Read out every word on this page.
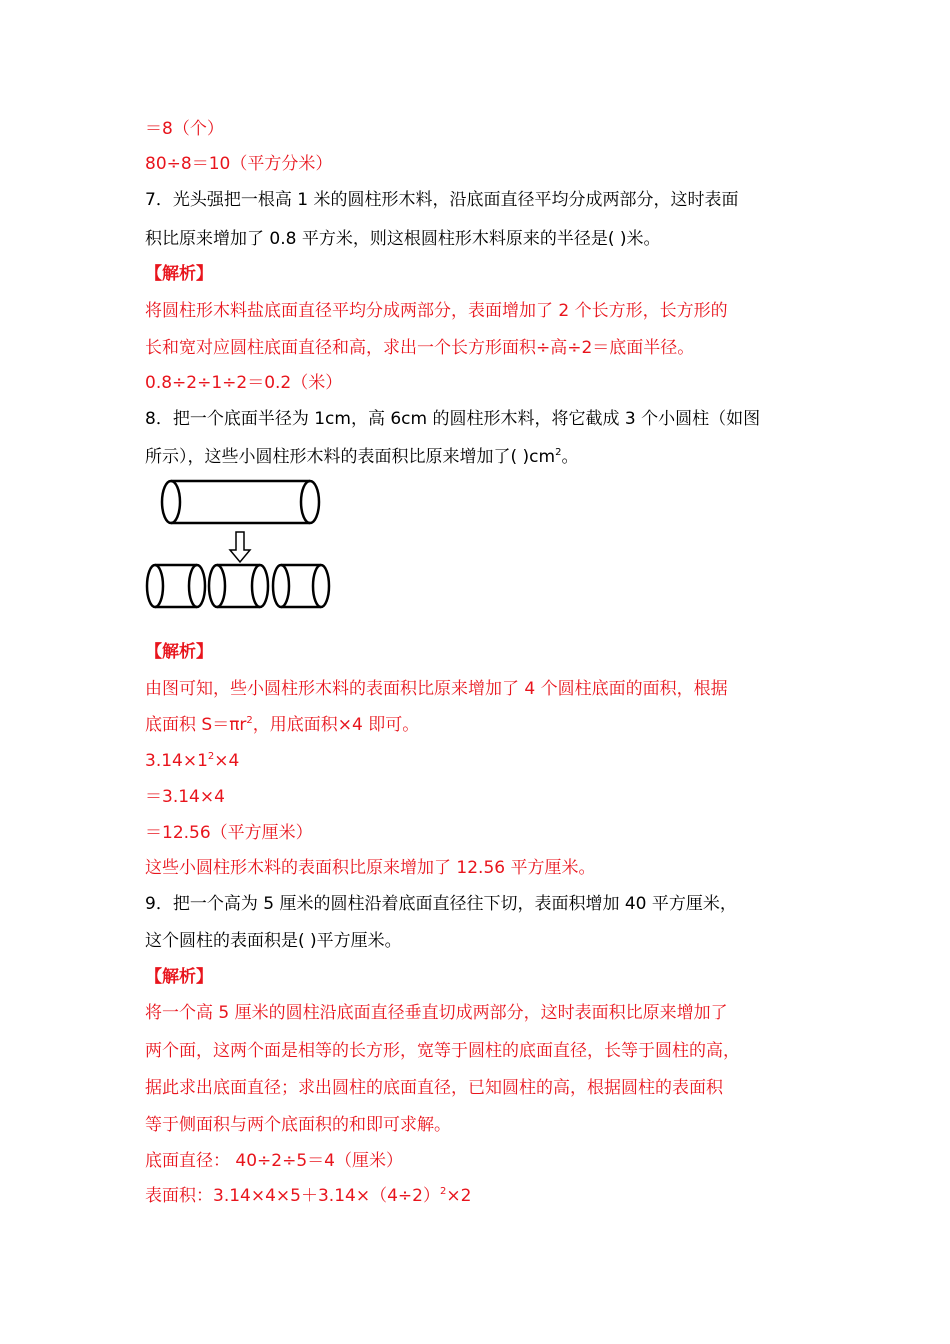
＝8（个）
80÷8＝10（平方分米）
7．光头强把一根高 1 米的圆柱形木料，沿底面直径平均分成两部分，这时表面
积比原来增加了 0.8 平方米，则这根圆柱形木料原来的半径是( )米。
【解析】
将圆柱形木料盐底面直径平均分成两部分，表面增加了 2 个长方形，长方形的
长和宽对应圆柱底面直径和高，求出一个长方形面积÷高÷2＝底面半径。
0.8÷2÷1÷2＝0.2（米）
8．把一个底面半径为 1cm，高 6cm 的圆柱形木料，将它截成 3 个小圆柱（如图
所示），这些小圆柱形木料的表面积比原来增加了( )$cm^2$。
【解析】
由图可知，些小圆柱形木料的表面积比原来增加了 4 个圆柱底面的面积，根据
底面积 $S=\pi r^2$，用底面积×4 即可。
$3.14\times 1^2\times 4$
＝3.14×4
＝12.56（平方厘米）
这些小圆柱形木料的表面积比原来增加了 12.56 平方厘米。
9．把一个高为 5 厘米的圆柱沿着底面直径往下切，表面积增加 40 平方厘米，
这个圆柱的表面积是( )平方厘米。
【解析】
将一个高 5 厘米的圆柱沿底面直径垂直切成两部分，这时表面积比原来增加了
两个面，这两个面是相等的长方形，宽等于圆柱的底面直径，长等于圆柱的高，
据此求出底面直径；求出圆柱的底面直径，已知圆柱的高，根据圆柱的表面积
等于侧面积与两个底面积的和即可求解。
底面直径： 40÷2÷5＝4（厘米）
表面积：$3.14\times 4\times 5+3.14\times(4\div 2)^2\times 2$
